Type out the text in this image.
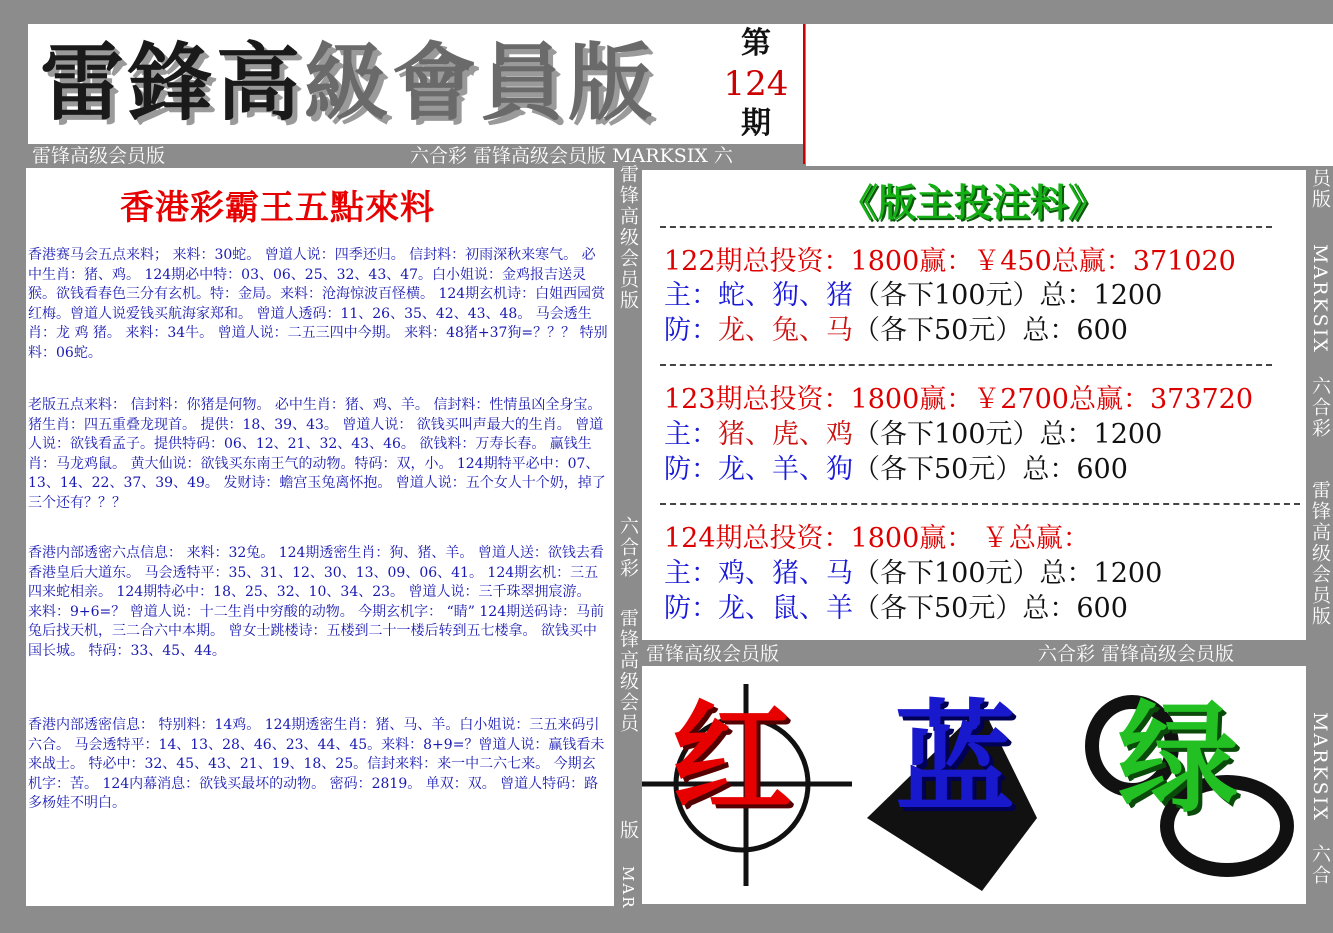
雷鋒高級會員版	第
124
期
雷锋高级会员版	六合彩 雷锋高级会员版 MARKSIX 六
香港彩霸王五點來料
香港赛马会五点来料； 来料：30蛇。 曾道人说：四季还归。 信封料：初雨深秋来寒气。 必中生肖：猪、鸡。 124期必中特：03、06、25、32、43、47。白小姐说：金鸡报吉送灵猴。欲钱看春色三分有玄机。特：金局。来料：沧海惊波百怪横。 124期玄机诗：白姐西园赏红梅。曾道人说爱钱买航海家郑和。 曾道人透码：11、26、35、42、43、48。 马会透生肖：龙 鸡 猪。 来料：34牛。 曾道人说：二五三四中今期。 来料：48猪+37狗=？？？ 特别料：06蛇。
老版五点来料： 信封料：你猪是何物。 必中生肖：猪、鸡、羊。 信封料：性情虽凶全身宝。猪生肖：四五重叠龙现首。 提供：18、39、43。 曾道人说： 欲钱买叫声最大的生肖。 曾道人说：欲钱看孟子。提供特码：06、12、21、32、43、46。 欲钱料：万寿长春。 赢钱生肖：马龙鸡鼠。 黄大仙说：欲钱买东南王气的动物。特码：双，小。 124期特平必中：07、13、14、22、37、39、49。 发财诗：蟾宫玉兔离怀抱。 曾道人说：五个女人十个奶，掉了三个还有？？？
香港内部透密六点信息： 来料：32兔。 124期透密生肖：狗、猪、羊。 曾道人送：欲钱去看香港皇后大道东。 马会透特平：35、31、12、30、13、09、06、41。 124期玄机：三五四来蛇相亲。 124期特必中：18、25、32、10、34、23。 曾道人说：三千珠翠拥宸游。 来料：9+6=？ 曾道人说：十二生肖中穷酸的动物。 今期玄机字： “睛” 124期送码诗：马前兔后找天机，三二合六中本期。 曾女士跳楼诗：五楼到二十一楼后转到五七楼拿。 欲钱买中国长城。 特码：33、45、44。
香港内部透密信息： 特别料：14鸡。 124期透密生肖：猪、马、羊。白小姐说：三五来码引六合。 马会透特平：14、13、28、46、23、44、45。来料：8+9=？曾道人说：赢钱看未来战士。 特必中：32、45、43、21、19、18、25。信封来料：来一中二六七来。 今期玄机字：苦。 124内幕消息：欲钱买最坏的动物。 密码：2819。 单双：双。 曾道人特码：路多杨娃不明白。
雷锋高级会员版
六合彩
雷锋高级会员
版
MAR
《版主投注料》
122期总投资：1800赢：￥450总赢：371020
主：蛇、狗、猪（各下100元）总：1200
防：龙、兔、马（各下50元）总：600
123期总投资：1800赢：￥2700总赢：373720
主：猪、虎、鸡（各下100元）总：1200
防：龙、羊、狗（各下50元）总：600
124期总投资：1800赢： ￥总赢：
主：鸡、猪、马（各下100元）总：1200
防：龙、鼠、羊（各下50元）总：600
雷锋高级会员版	六合彩 雷锋高级会员版
员版
MARKSIX
六合彩
雷锋高级会员版
MARKSIX
六合
红 蓝 绿
